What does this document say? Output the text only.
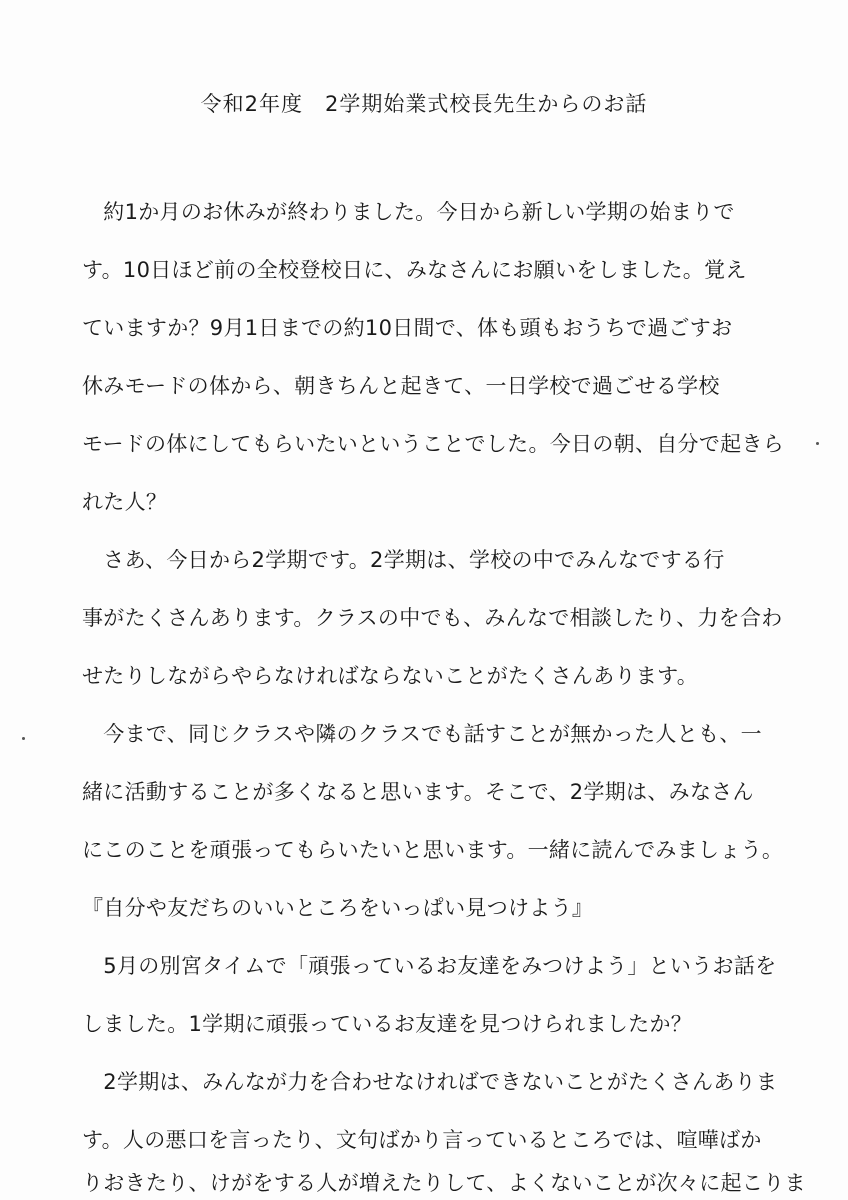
令和2年度　2学期始業式校長先生からのお話
　約1か月のお休みが終わりました。今日から新しい学期の始まりで
す。10日ほど前の全校登校日に、みなさんにお願いをしました。覚え
ていますか？9月1日までの約10日間で、体も頭もおうちで過ごすお
休みモードの体から、朝きちんと起きて、一日学校で過ごせる学校
モードの体にしてもらいたいということでした。今日の朝、自分で起きら
れた人？
　さあ、今日から2学期です。2学期は、学校の中でみんなでする行
事がたくさんあります。クラスの中でも、みんなで相談したり、力を合わ
せたりしながらやらなければならないことがたくさんあります。
　今まで、同じクラスや隣のクラスでも話すことが無かった人とも、一
緒に活動することが多くなると思います。そこで、2学期は、みなさん
にこのことを頑張ってもらいたいと思います。一緒に読んでみましょう。
『自分や友だちのいいところをいっぱい見つけよう』
　5月の別宮タイムで「頑張っているお友達をみつけよう」というお話を
しました。1学期に頑張っているお友達を見つけられましたか？
　2学期は、みんなが力を合わせなければできないことがたくさんありま
す。人の悪口を言ったり、文句ばかり言っているところでは、喧嘩ばか
りおきたり、けがをする人が増えたりして、よくないことが次々に起こりま
